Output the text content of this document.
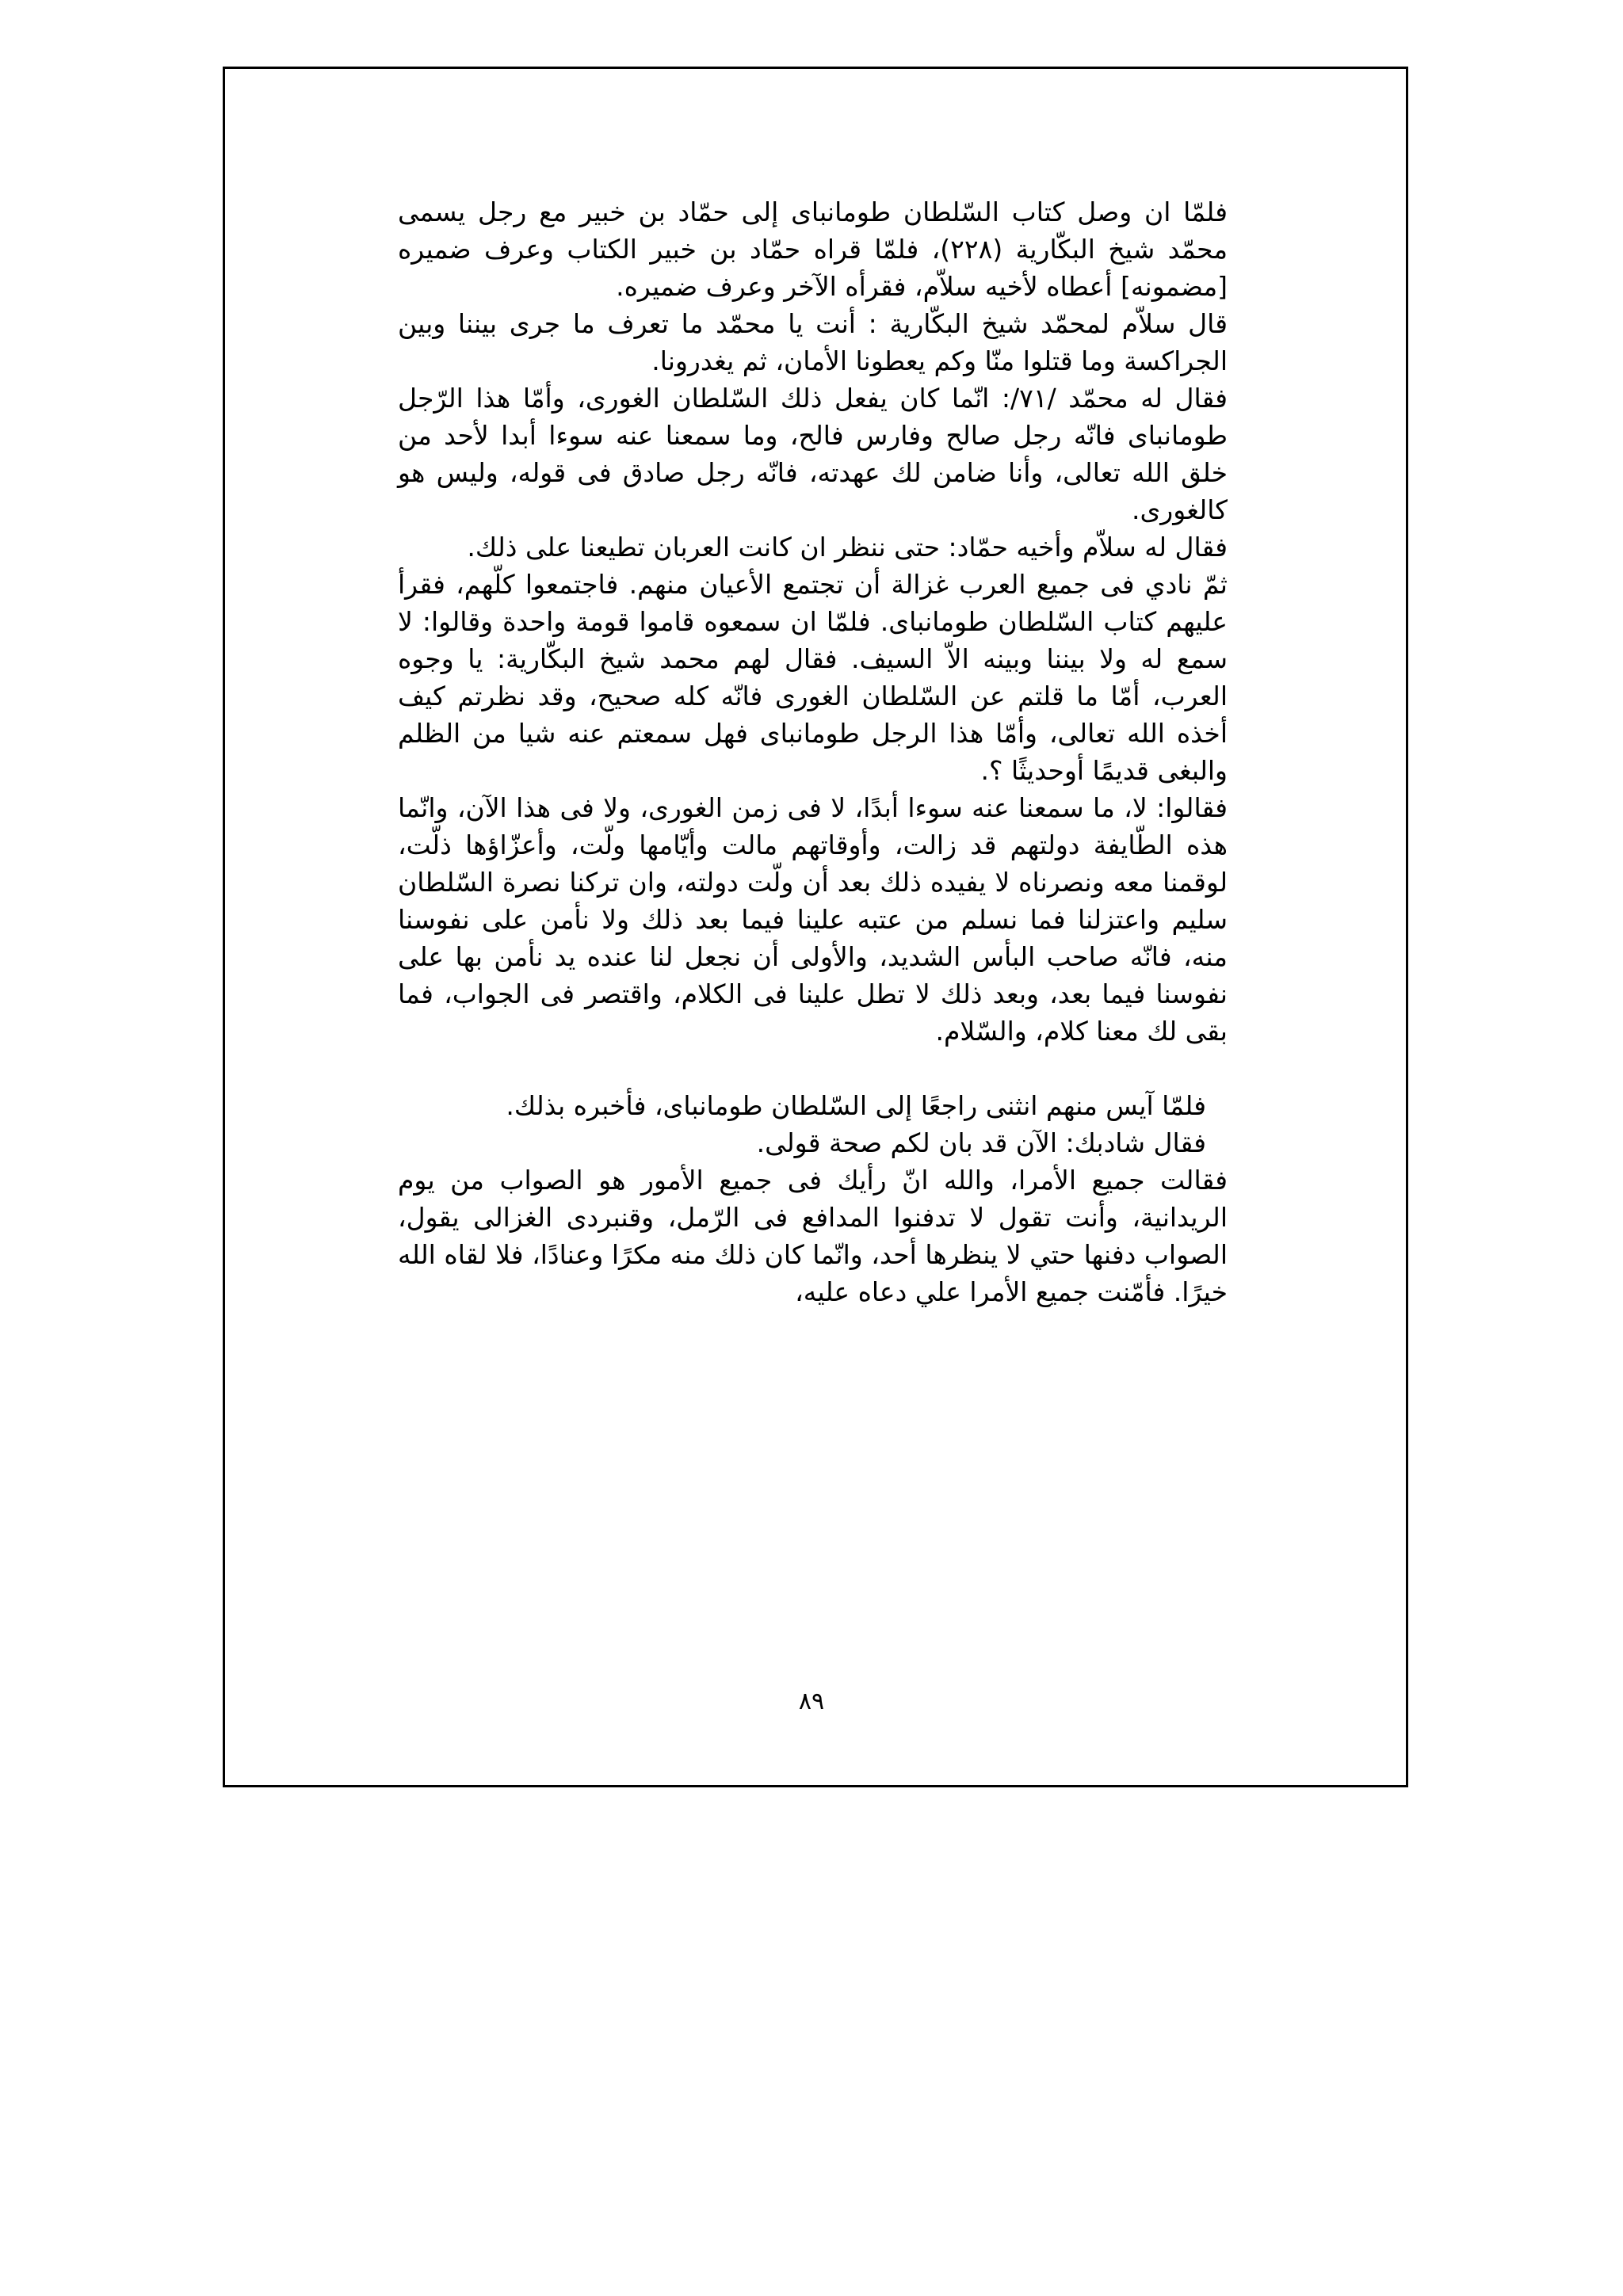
فلمّا ان وصل كتاب السّلطان طومانباى إلى حمّاد بن خبير مع رجل يسمى محمّد شيخ البكّارية (٢٢٨)، فلمّا قراه حمّاد بن خبير الكتاب وعرف ضميره [مضمونه] أعطاه لأخيه سلاّم، فقرأه الآخر وعرف ضميره.

قال سلاّم لمحمّد شيخ البكّارية : أنت يا محمّد ما تعرف ما جرى بيننا وبين الجراكسة وما قتلوا منّا وكم يعطونا الأمان، ثم يغدرونا.

فقال له محمّد /٧١/: انّما كان يفعل ذلك السّلطان الغورى، وأمّا هذا الرّجل طومانباى فانّه رجل صالح وفارس فالح، وما سمعنا عنه سوءا أبدا لأحد من خلق الله تعالى، وأنا ضامن لك عهدته، فانّه رجل صادق فى قوله، وليس هو كالغورى.

فقال له سلاّم وأخيه حمّاد: حتى ننظر ان كانت العربان تطيعنا على ذلك.

ثمّ نادي فى جميع العرب غزالة أن تجتمع الأعيان منهم. فاجتمعوا كلّهم، فقرأ عليهم كتاب السّلطان طومانباى. فلمّا ان سمعوه قاموا قومة واحدة وقالوا: لا سمع له ولا بيننا وبينه الاّ السيف. فقال لهم محمد شيخ البكّارية: يا وجوه العرب، أمّا ما قلتم عن السّلطان الغورى فانّه كله صحيح، وقد نظرتم كيف أخذه الله تعالى، وأمّا هذا الرجل طومانباى فهل سمعتم عنه شيا من الظلم والبغى قديمًا أوحديثًا ؟.

فقالوا: لا، ما سمعنا عنه سوءا أبدًا، لا فى زمن الغورى، ولا فى هذا الآن، وانّما هذه الطّايفة دولتهم قد زالت، وأوقاتهم مالت وأيّامها ولّت، وأعزّاؤها ذلّت، لوقمنا معه ونصرناه لا يفيده ذلك بعد أن ولّت دولته، وان تركنا نصرة السّلطان سليم واعتزلنا فما نسلم من عتبه علينا فيما بعد ذلك ولا نأمن على نفوسنا منه، فانّه صاحب البأس الشديد، والأولى أن نجعل لنا عنده يد نأمن بها على نفوسنا فيما بعد، وبعد ذلك لا تطل علينا فى الكلام، واقتصر فى الجواب، فما بقى لك معنا كلام، والسّلام.

فلمّا آيس منهم انثنى راجعًا إلى السّلطان طومانباى، فأخبره بذلك.

فقال شادبك: الآن قد بان لكم صحة قولى.

فقالت جميع الأمرا، والله انّ رأيك فى جميع الأمور هو الصواب من يوم الريدانية، وأنت تقول لا تدفنوا المدافع فى الرّمل، وقنبردى الغزالى يقول، الصواب دفنها حتي لا ينظرها أحد، وانّما كان ذلك منه مكرًا وعنادًا، فلا لقاه الله خيرًا. فأمّنت جميع الأمرا علي دعاه عليه،

٨٩
